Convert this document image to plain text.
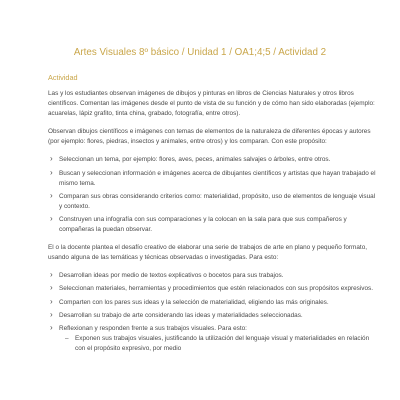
Artes Visuales 8º básico / Unidad 1 / OA1;4;5 / Actividad 2
Actividad

Las y los estudiantes observan imágenes de dibujos y pinturas en libros de Ciencias Naturales y otros libros científicos. Comentan las imágenes desde el punto de vista de su función y de cómo han sido elaboradas (ejemplo: acuarelas, lápiz grafito, tinta china, grabado, fotografía, entre otros).

Observan dibujos científicos e imágenes con temas de elementos de la naturaleza de diferentes épocas y autores (por ejemplo: flores, piedras, insectos y animales, entre otros) y los comparan. Con este propósito:

› Seleccionan un tema, por ejemplo: flores, aves, peces, animales salvajes o árboles, entre otros.
› Buscan y seleccionan información e imágenes acerca de dibujantes científicos y artistas que hayan trabajado el mismo tema.
› Comparan sus obras considerando criterios como: materialidad, propósito, uso de elementos de lenguaje visual y contexto.
› Construyen una infografía con sus comparaciones y la colocan en la sala para que sus compañeros y compañeras la puedan observar.

El o la docente plantea el desafío creativo de elaborar una serie de trabajos de arte en plano y pequeño formato, usando alguna de las temáticas y técnicas observadas o investigadas. Para esto:

› Desarrollan ideas por medio de textos explicativos o bocetos para sus trabajos.
› Seleccionan materiales, herramientas y procedimientos que estén relacionados con sus propósitos expresivos.
› Comparten con los pares sus ideas y la selección de materialidad, eligiendo las más originales.
› Desarrollan su trabajo de arte considerando las ideas y materialidades seleccionadas.
› Reflexionan y responden frente a sus trabajos visuales. Para esto:
– Exponen sus trabajos visuales, justificando la utilización del lenguaje visual y materialidades en relación con el propósito expresivo, por medio
